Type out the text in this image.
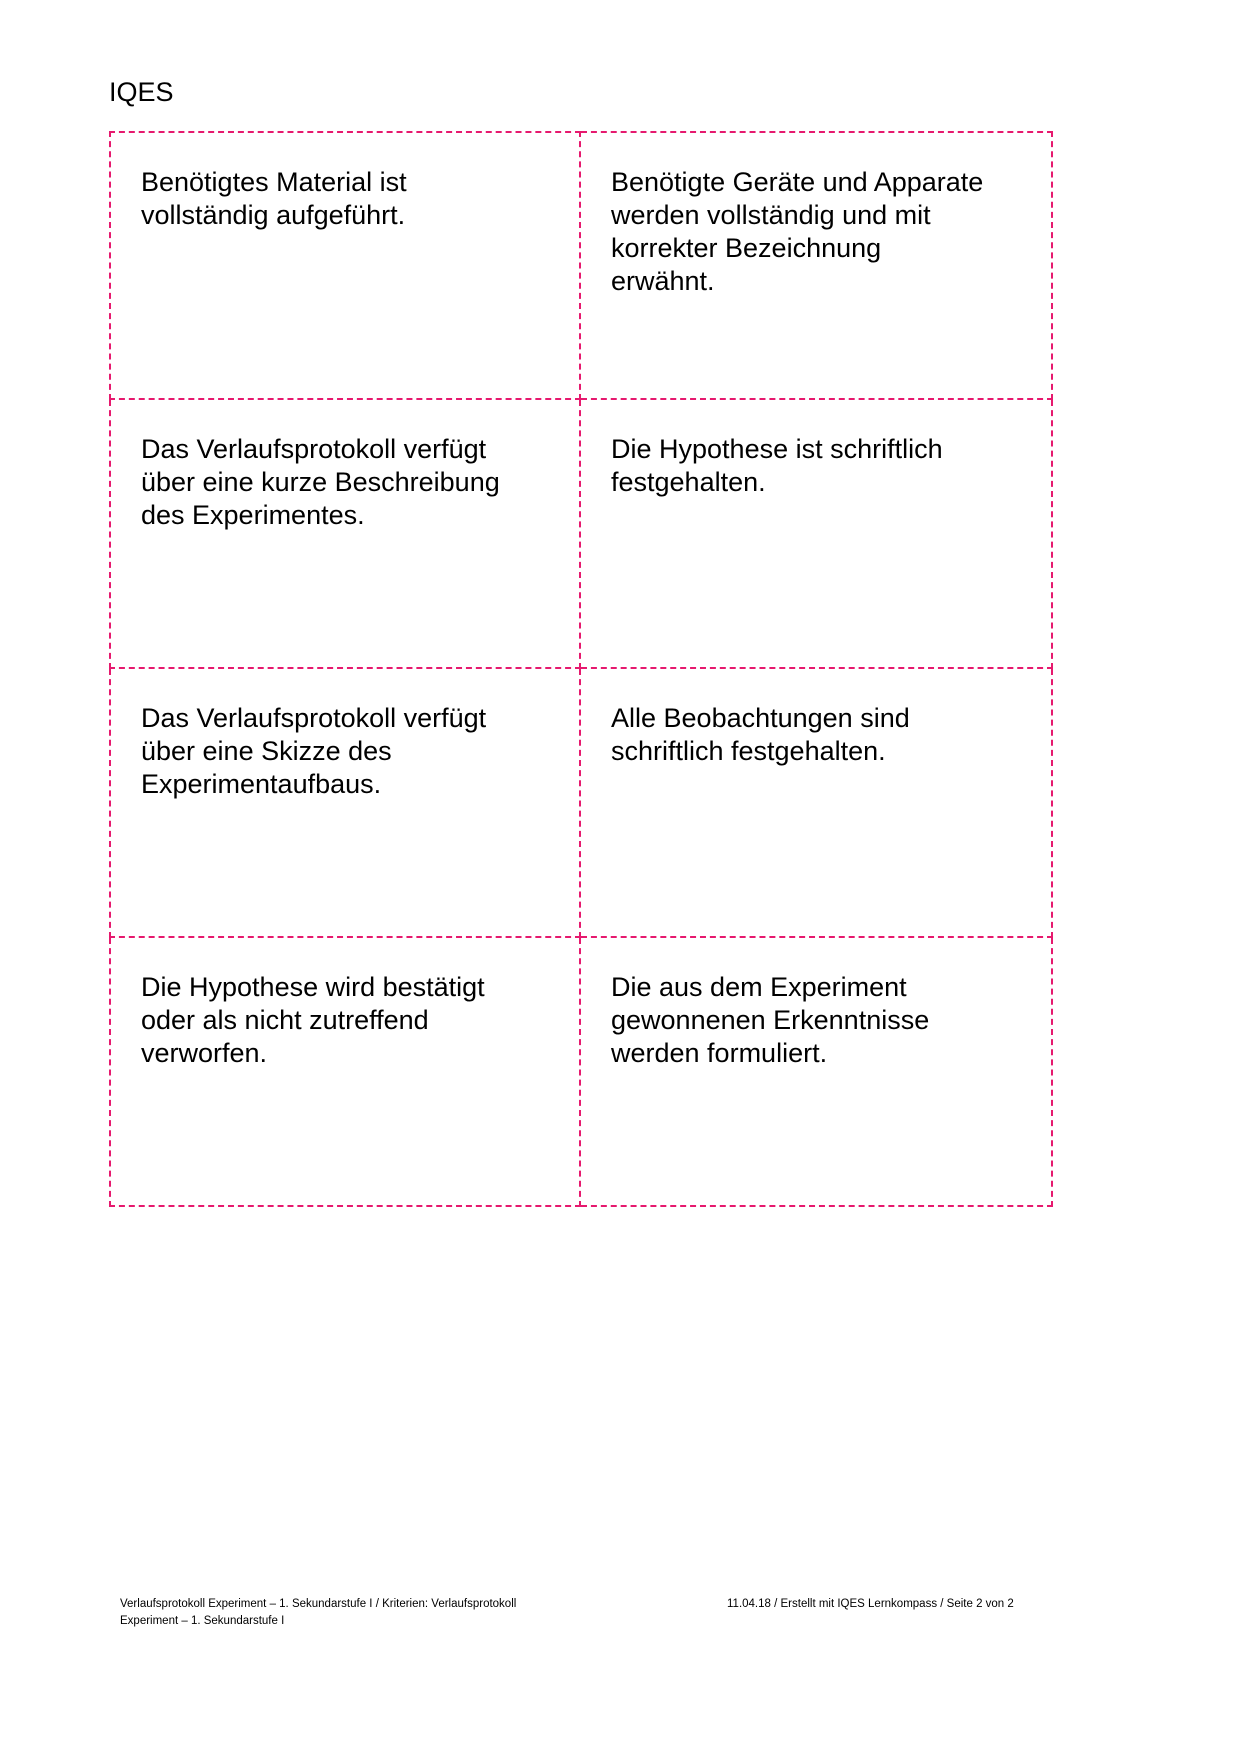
IQES
Benötigtes Material ist
vollständig aufgeführt.
Benötigte Geräte und Apparate
werden vollständig und mit
korrekter Bezeichnung
erwähnt.
Das Verlaufsprotokoll verfügt
über eine kurze Beschreibung
des Experimentes.
Die Hypothese ist schriftlich
festgehalten.
Das Verlaufsprotokoll verfügt
über eine Skizze des
Experimentaufbaus.
Alle Beobachtungen sind
schriftlich festgehalten.
Die Hypothese wird bestätigt
oder als nicht zutreffend
verworfen.
Die aus dem Experiment
gewonnenen Erkenntnisse
werden formuliert.
Verlaufsprotokoll Experiment – 1. Sekundarstufe I / Kriterien: Verlaufsprotokoll
Experiment – 1. Sekundarstufe I
11.04.18 / Erstellt mit IQES Lernkompass / Seite 2 von 2
